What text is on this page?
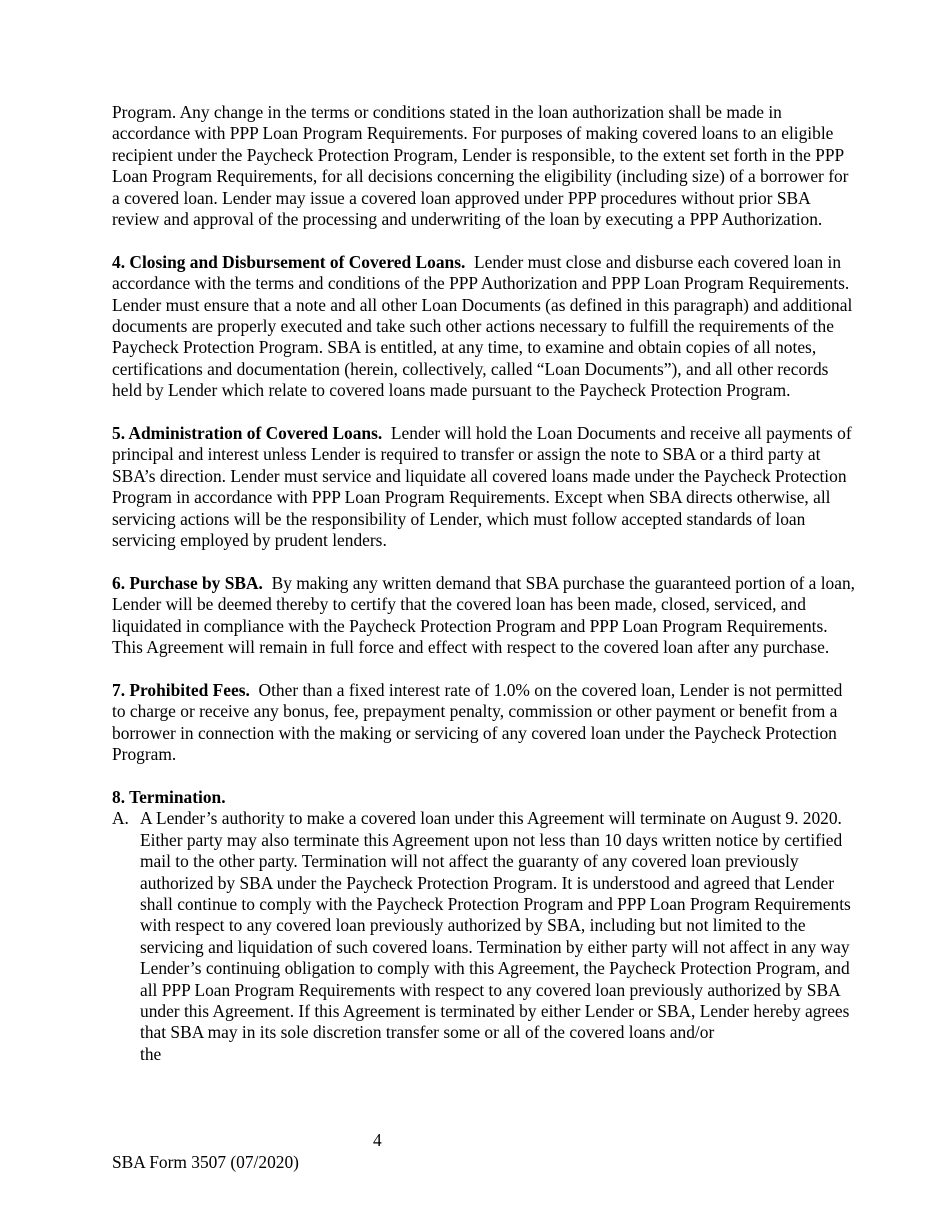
Program. Any change in the terms or conditions stated in the loan authorization shall be made in accordance with PPP Loan Program Requirements. For purposes of making covered loans to an eligible recipient under the Paycheck Protection Program, Lender is responsible, to the extent set forth in the PPP Loan Program Requirements, for all decisions concerning the eligibility (including size) of a borrower for a covered loan. Lender may issue a covered loan approved under PPP procedures without prior SBA review and approval of the processing and underwriting of the loan by executing a PPP Authorization.

4. Closing and Disbursement of Covered Loans. Lender must close and disburse each covered loan in accordance with the terms and conditions of the PPP Authorization and PPP Loan Program Requirements. Lender must ensure that a note and all other Loan Documents (as defined in this paragraph) and additional documents are properly executed and take such other actions necessary to fulfill the requirements of the Paycheck Protection Program. SBA is entitled, at any time, to examine and obtain copies of all notes, certifications and documentation (herein, collectively, called “Loan Documents”), and all other records held by Lender which relate to covered loans made pursuant to the Paycheck Protection Program.

5. Administration of Covered Loans. Lender will hold the Loan Documents and receive all payments of principal and interest unless Lender is required to transfer or assign the note to SBA or a third party at SBA’s direction. Lender must service and liquidate all covered loans made under the Paycheck Protection Program in accordance with PPP Loan Program Requirements. Except when SBA directs otherwise, all servicing actions will be the responsibility of Lender, which must follow accepted standards of loan servicing employed by prudent lenders.

6. Purchase by SBA. By making any written demand that SBA purchase the guaranteed portion of a loan, Lender will be deemed thereby to certify that the covered loan has been made, closed, serviced, and liquidated in compliance with the Paycheck Protection Program and PPP Loan Program Requirements. This Agreement will remain in full force and effect with respect to the covered loan after any purchase.

7. Prohibited Fees. Other than a fixed interest rate of 1.0% on the covered loan, Lender is not permitted to charge or receive any bonus, fee, prepayment penalty, commission or other payment or benefit from a borrower in connection with the making or servicing of any covered loan under the Paycheck Protection Program.

8. Termination.
A. A Lender’s authority to make a covered loan under this Agreement will terminate on August 9. 2020. Either party may also terminate this Agreement upon not less than 10 days written notice by certified mail to the other party. Termination will not affect the guaranty of any covered loan previously authorized by SBA under the Paycheck Protection Program. It is understood and agreed that Lender shall continue to comply with the Paycheck Protection Program and PPP Loan Program Requirements with respect to any covered loan previously authorized by SBA, including but not limited to the servicing and liquidation of such covered loans. Termination by either party will not affect in any way Lender’s continuing obligation to comply with this Agreement, the Paycheck Protection Program, and all PPP Loan Program Requirements with respect to any covered loan previously authorized by SBA under this Agreement. If this Agreement is terminated by either Lender or SBA, Lender hereby agrees that SBA may in its sole discretion transfer some or all of the covered loans and/or
the
4
SBA Form 3507 (07/2020)
